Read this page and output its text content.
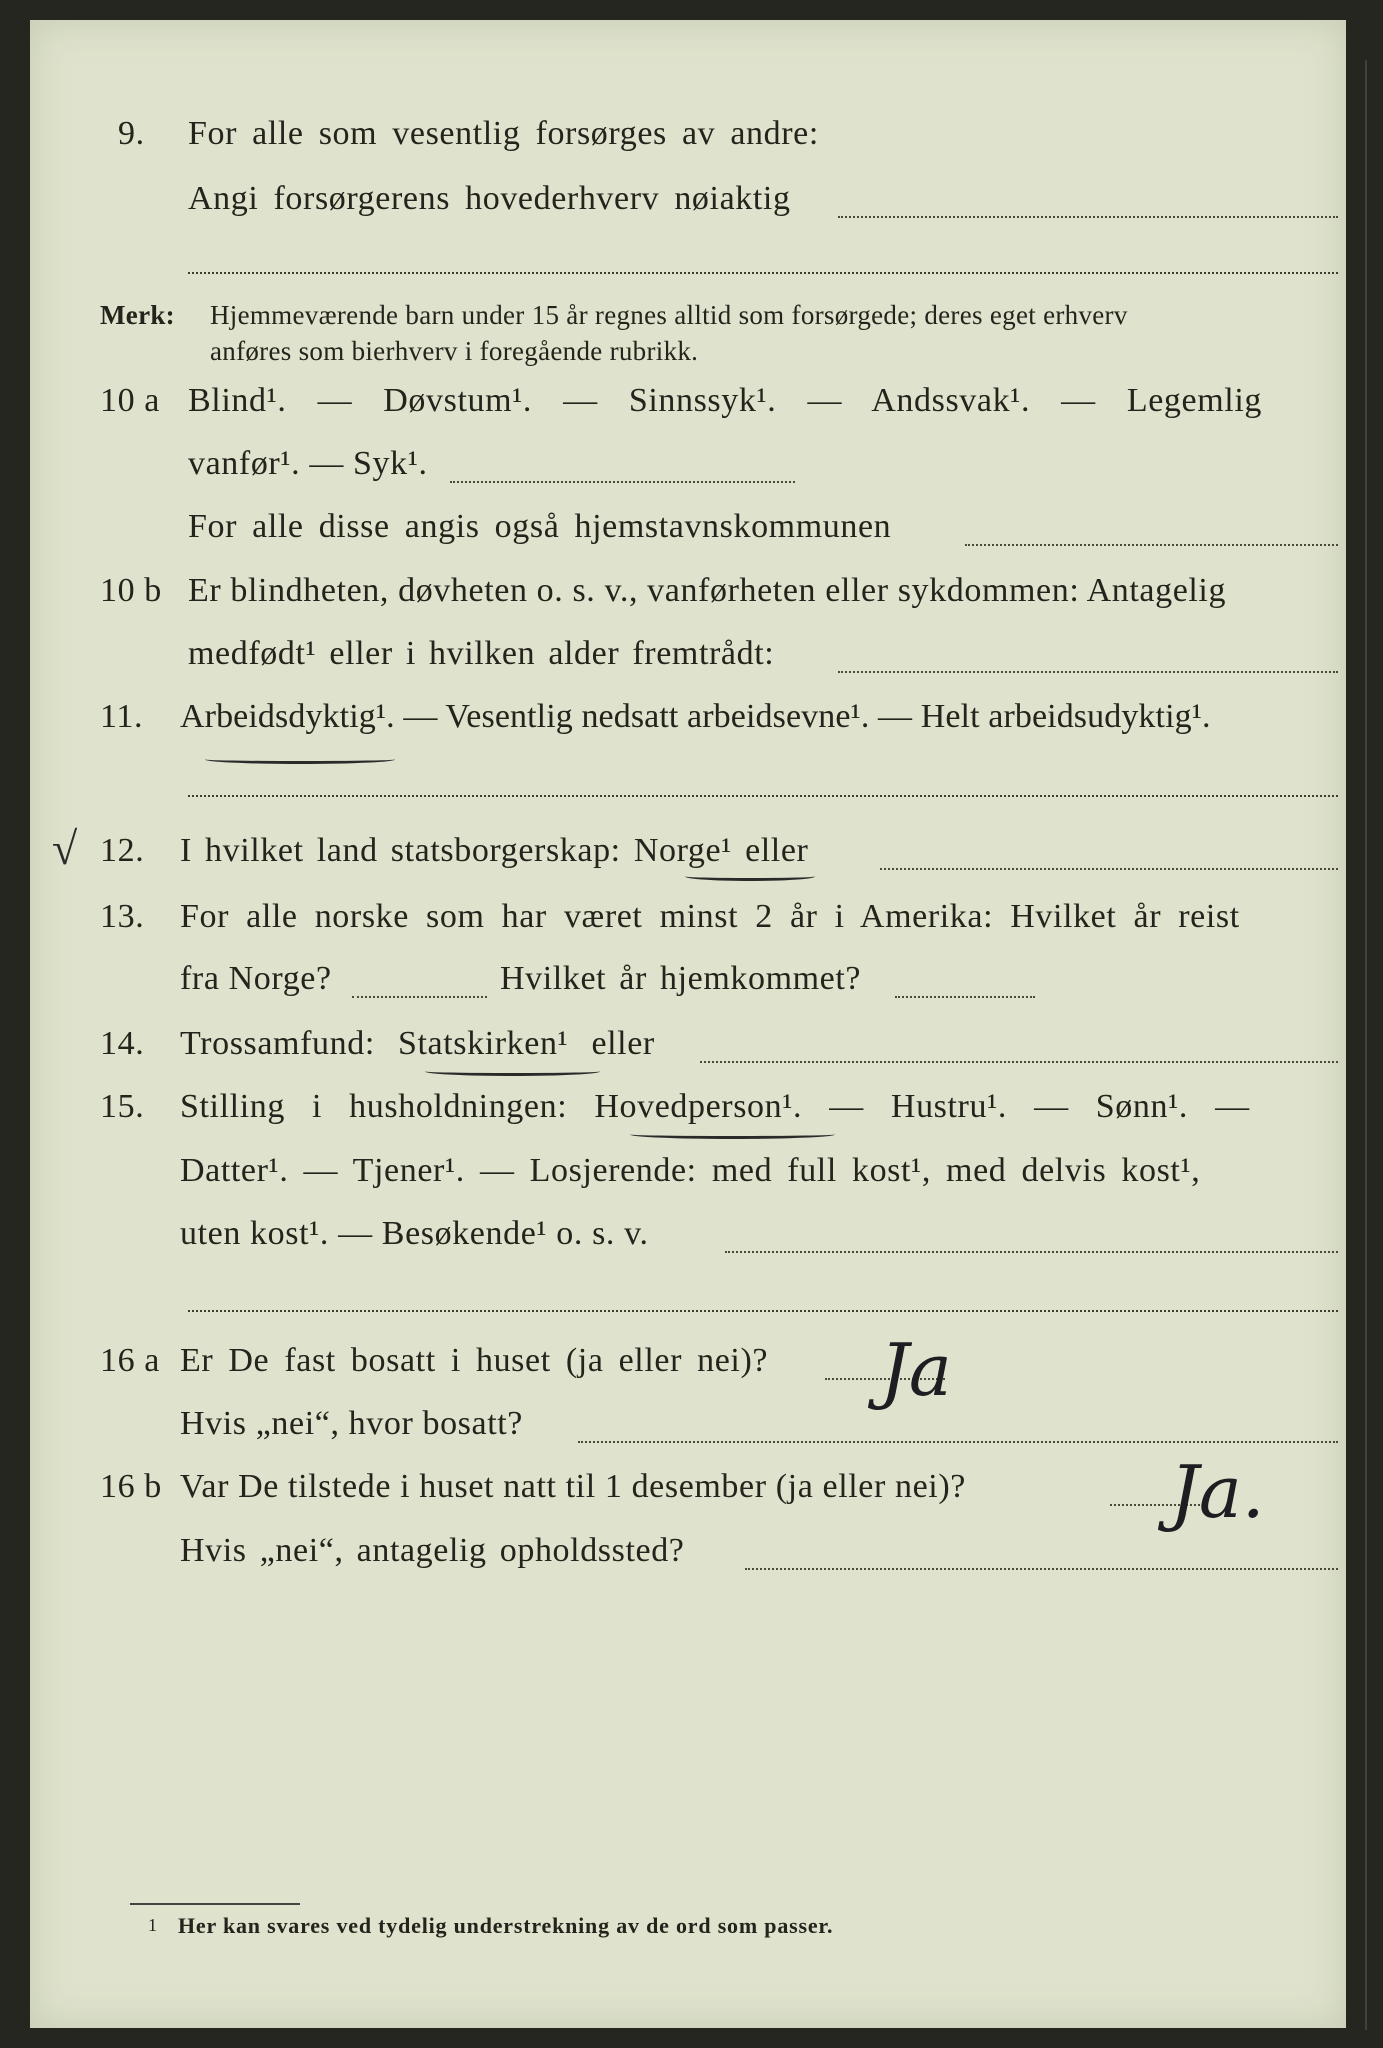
9. For alle som vesentlig forsørges av andre:
Angi forsørgerens hovederhverv nøiaktig
Merk: Hjemmeværende barn under 15 år regnes alltid som forsørgede; deres eget erhverv
anføres som bierhverv i foregående rubrikk.
10 a Blind¹. — Døvstum¹. — Sinnssyk¹. — Andssvak¹. — Legemlig
vanfør¹. — Syk¹.
For alle disse angis også hjemstavnskommunen
10 b Er blindheten, døvheten o. s. v., vanførheten eller sykdommen: Antagelig
medfødt¹ eller i hvilken alder fremtrådt:
11. Arbeidsdyktig¹. — Vesentlig nedsatt arbeidsevne¹. — Helt arbeidsudyktig¹.
√ 12. I hvilket land statsborgerskap: Norge¹ eller
13. For alle norske som har været minst 2 år i Amerika: Hvilket år reist
fra Norge?	Hvilket år hjemkommet?
14. Trossamfund: Statskirken¹ eller
15. Stilling i husholdningen: Hovedperson¹. — Hustru¹. — Sønn¹. —
Datter¹. — Tjener¹. — Losjerende: med full kost¹, med delvis kost¹,
uten kost¹. — Besøkende¹ o. s. v.
16 a Er De fast bosatt i huset (ja eller nei)? Ja
Hvis „nei“, hvor bosatt?
16 b Var De tilstede i huset natt til 1 desember (ja eller nei)?	Ja.
Hvis „nei“, antagelig opholdssted?
1 Her kan svares ved tydelig understrekning av de ord som passer.
